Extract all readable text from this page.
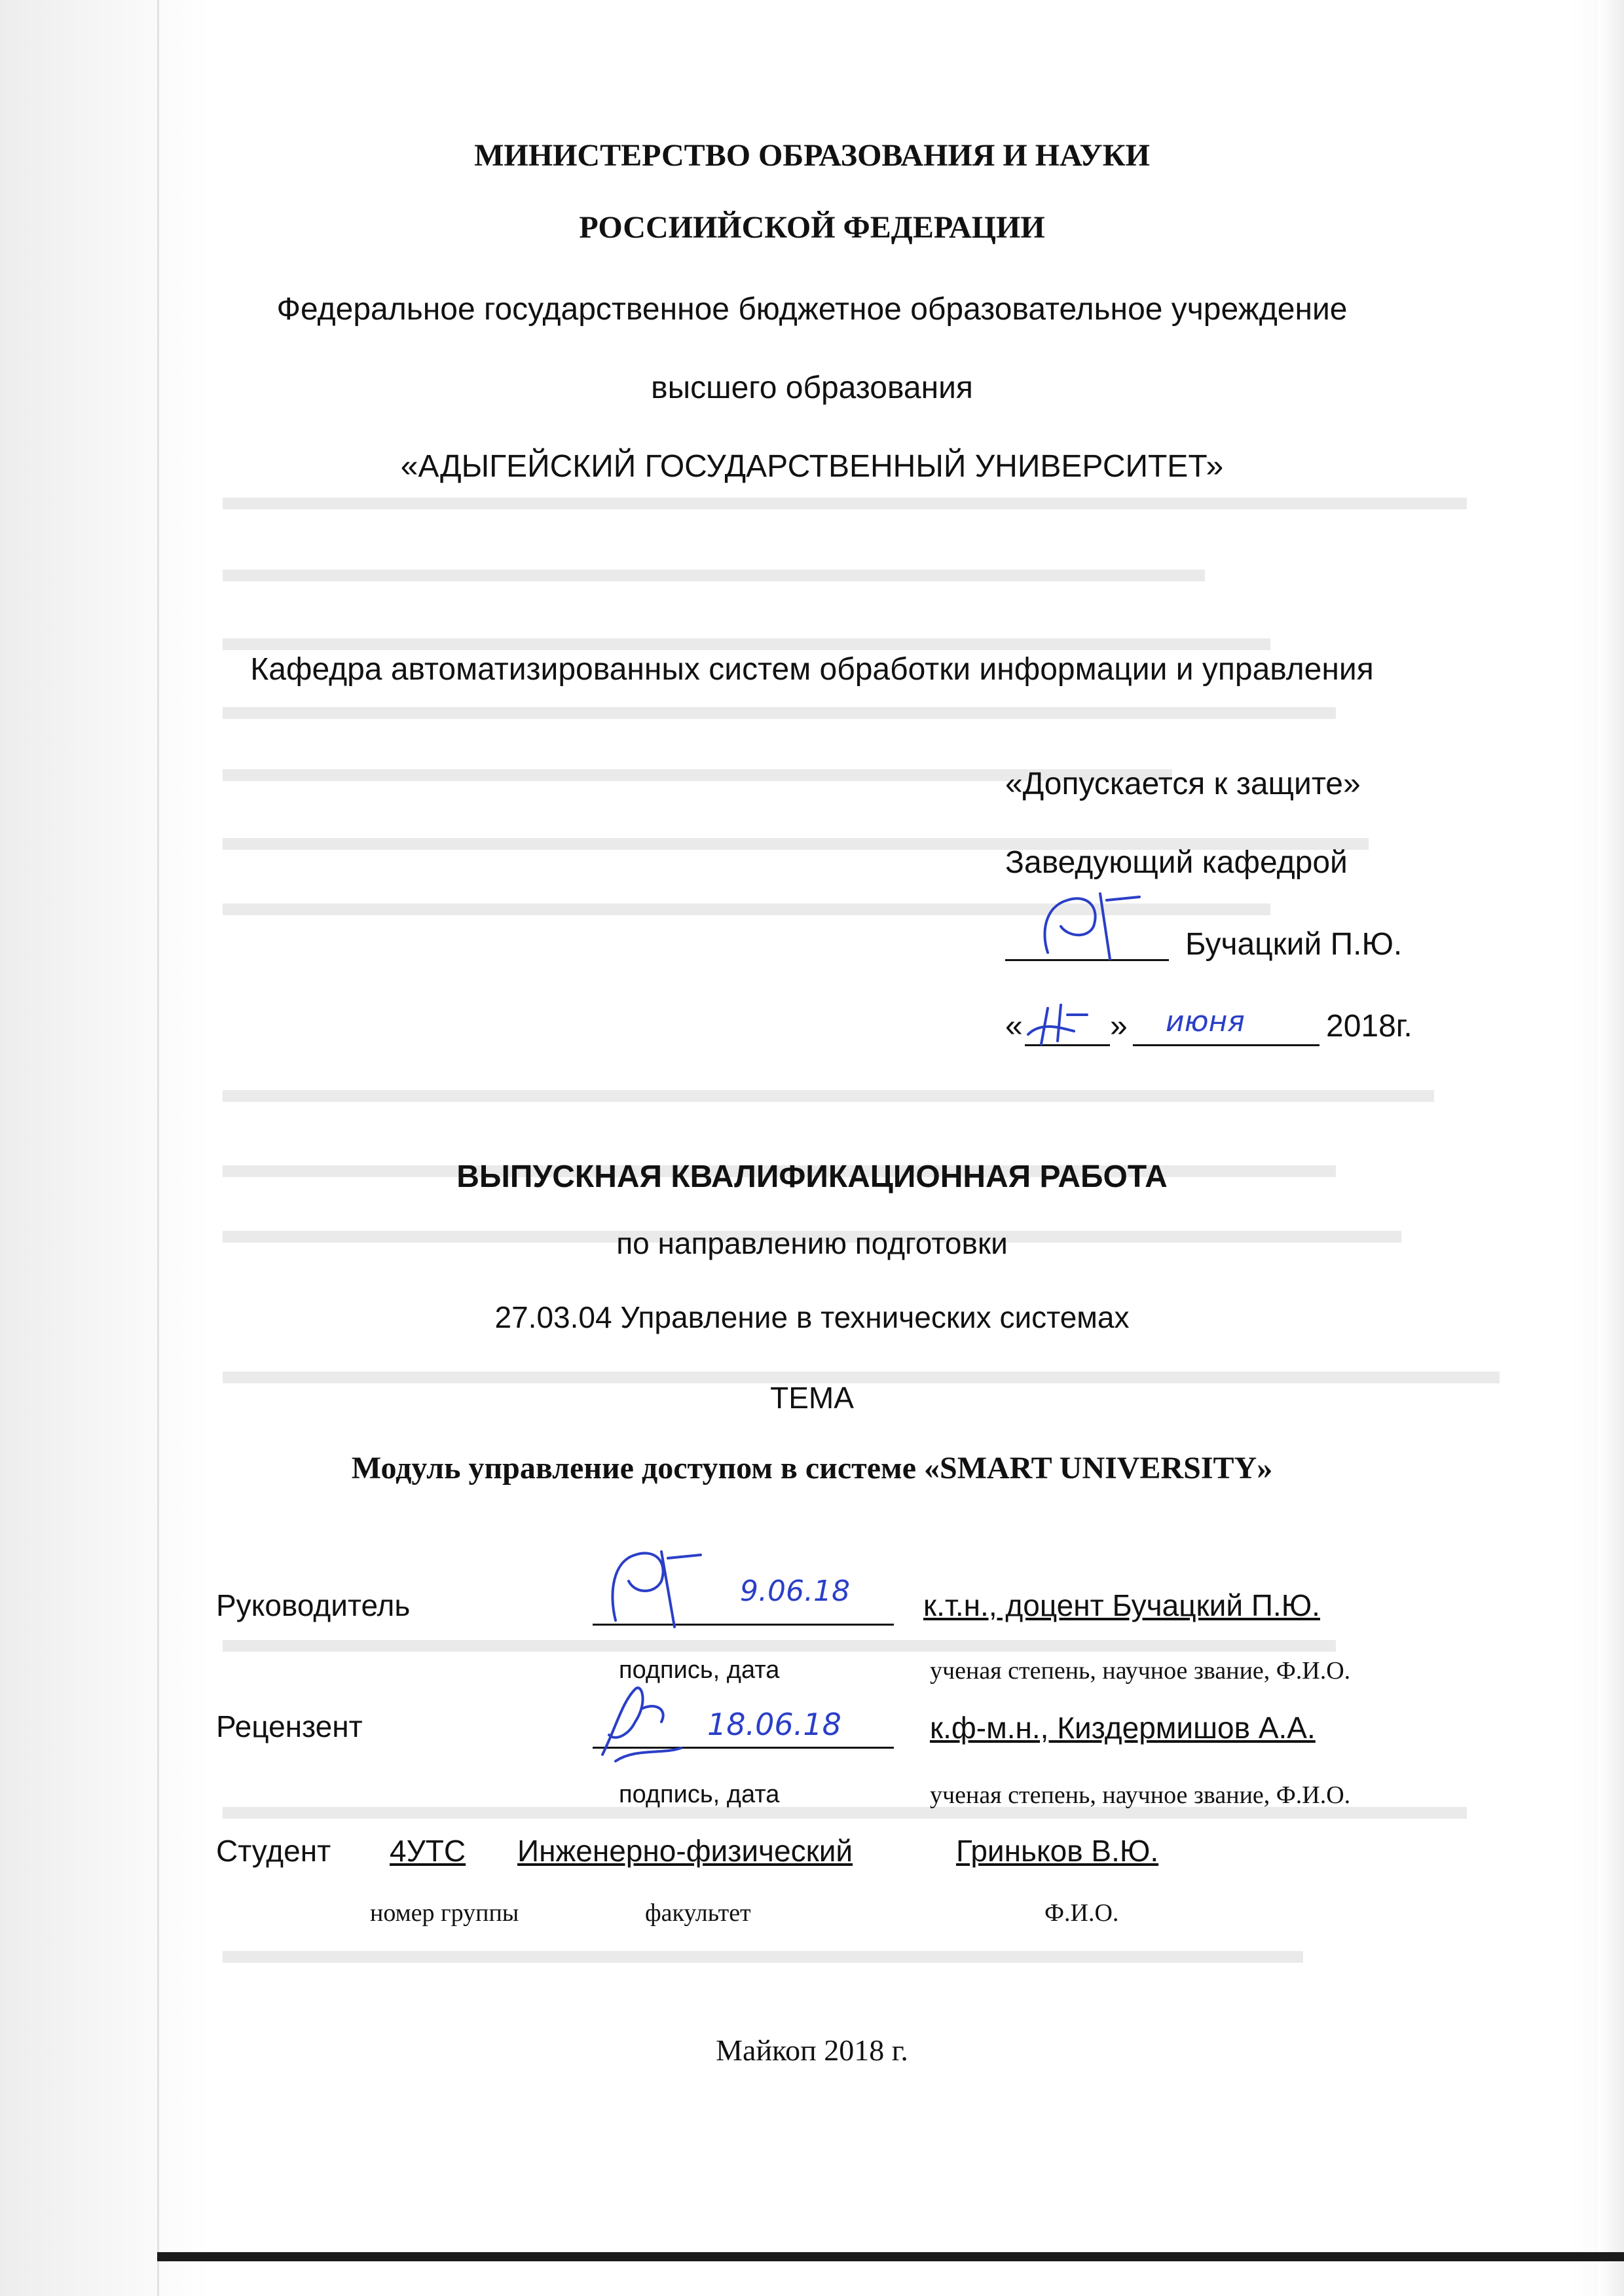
МИНИСТЕРСТВО ОБРАЗОВАНИЯ И НАУКИ
РОССИИЙСКОЙ ФЕДЕРАЦИИ
Федеральное государственное бюджетное образовательное учреждение
высшего образования
«АДЫГЕЙСКИЙ ГОСУДАРСТВЕННЫЙ УНИВЕРСИТЕТ»
Кафедра автоматизированных систем обработки информации и управления
«Допускается к защите»
Заведующий кафедрой
Бучацкий П.Ю.
«	» июня	2018г.
ВЫПУСКНАЯ КВАЛИФИКАЦИОННАЯ РАБОТА
по направлению подготовки
27.03.04 Управление в технических системах
ТЕМА
Модуль управление доступом в системе «SMART UNIVERSITY»
Руководитель	9.06.18 к.т.н., доцент Бучацкий П.Ю.
подпись, дата	ученая степень, научное звание, Ф.И.О.
Рецензент	18.06.18	к.ф-м.н., Киздермишов А.А.
подпись, дата	ученая степень, научное звание, Ф.И.О.
Студент 4УТС Инженерно-физический	Гриньков В.Ю.
номер группы	факультет	Ф.И.О.
Майкоп 2018 г.
